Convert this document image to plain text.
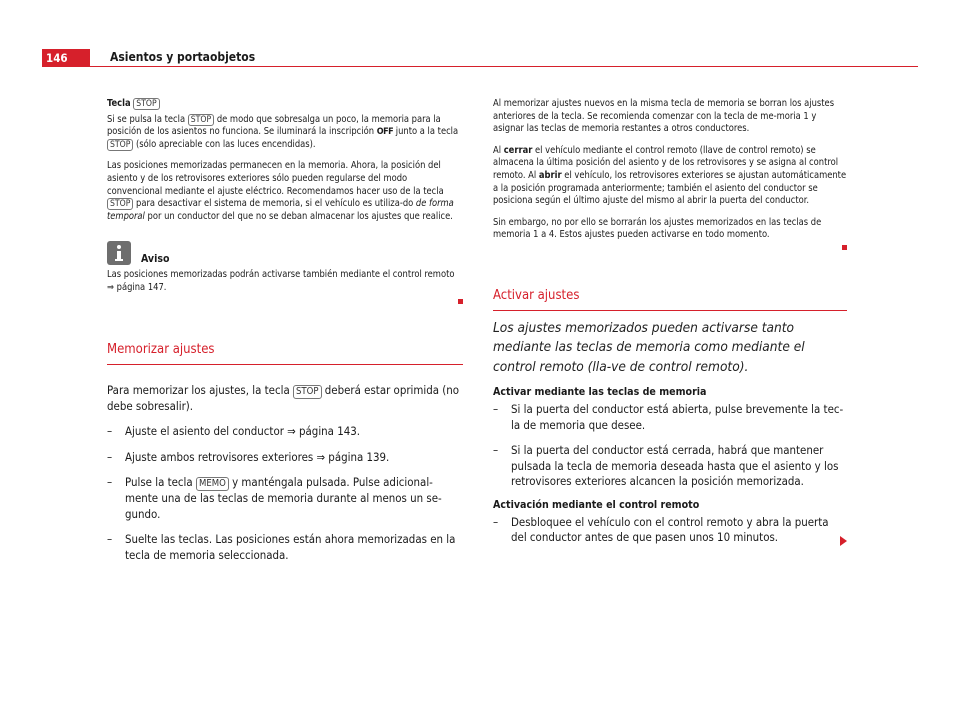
146	Asientos y portaobjetos

Tecla STOP

Si se pulsa la tecla STOP de modo que sobresalga un poco, la memoria para la posición de los asientos no funciona. Se iluminará la inscripción OFF junto a la tecla STOP (sólo apreciable con las luces encendidas).

Las posiciones memorizadas permanecen en la memoria. Ahora, la posición del asiento y de los retrovisores exteriores sólo pueden regularse del modo convencional mediante el ajuste eléctrico. Recomendamos hacer uso de la tecla STOP para desactivar el sistema de memoria, si el vehículo es utiliza-do de forma temporal por un conductor del que no se deban almacenar los ajustes que realice.

Aviso

Las posiciones memorizadas podrán activarse también mediante el control remoto ⇒ página 147.

Memorizar ajustes

Para memorizar los ajustes, la tecla STOP deberá estar oprimida (no debe sobresalir).

–	Ajuste el asiento del conductor ⇒ página 143.
–	Ajuste ambos retrovisores exteriores ⇒ página 139.
–	Pulse la tecla MEMO y manténgala pulsada. Pulse adicional-mente una de las teclas de memoria durante al menos un se-gundo.
–	Suelte las teclas. Las posiciones están ahora memorizadas en la tecla de memoria seleccionada.

Al memorizar ajustes nuevos en la misma tecla de memoria se borran los ajustes anteriores de la tecla. Se recomienda comenzar con la tecla de me-moria 1 y asignar las teclas de memoria restantes a otros conductores.

Al cerrar el vehículo mediante el control remoto (llave de control remoto) se almacena la última posición del asiento y de los retrovisores y se asigna al control remoto. Al abrir el vehículo, los retrovisores exteriores se ajustan automáticamente a la posición programada anteriormente; también el asiento del conductor se posiciona según el último ajuste del mismo al abrir la puerta del conductor.

Sin embargo, no por ello se borrarán los ajustes memorizados en las teclas de memoria 1 a 4. Estos ajustes pueden activarse en todo momento.

Activar ajustes

Los ajustes memorizados pueden activarse tanto mediante las teclas de memoria como mediante el control remoto (lla-ve de control remoto).

Activar mediante las teclas de memoria

–	Si la puerta del conductor está abierta, pulse brevemente la tec-la de memoria que desee.
–	Si la puerta del conductor está cerrada, habrá que mantener pulsada la tecla de memoria deseada hasta que el asiento y los retrovisores exteriores alcancen la posición memorizada.

Activación mediante el control remoto

–	Desbloquee el vehículo con el control remoto y abra la puerta del conductor antes de que pasen unos 10 minutos.
